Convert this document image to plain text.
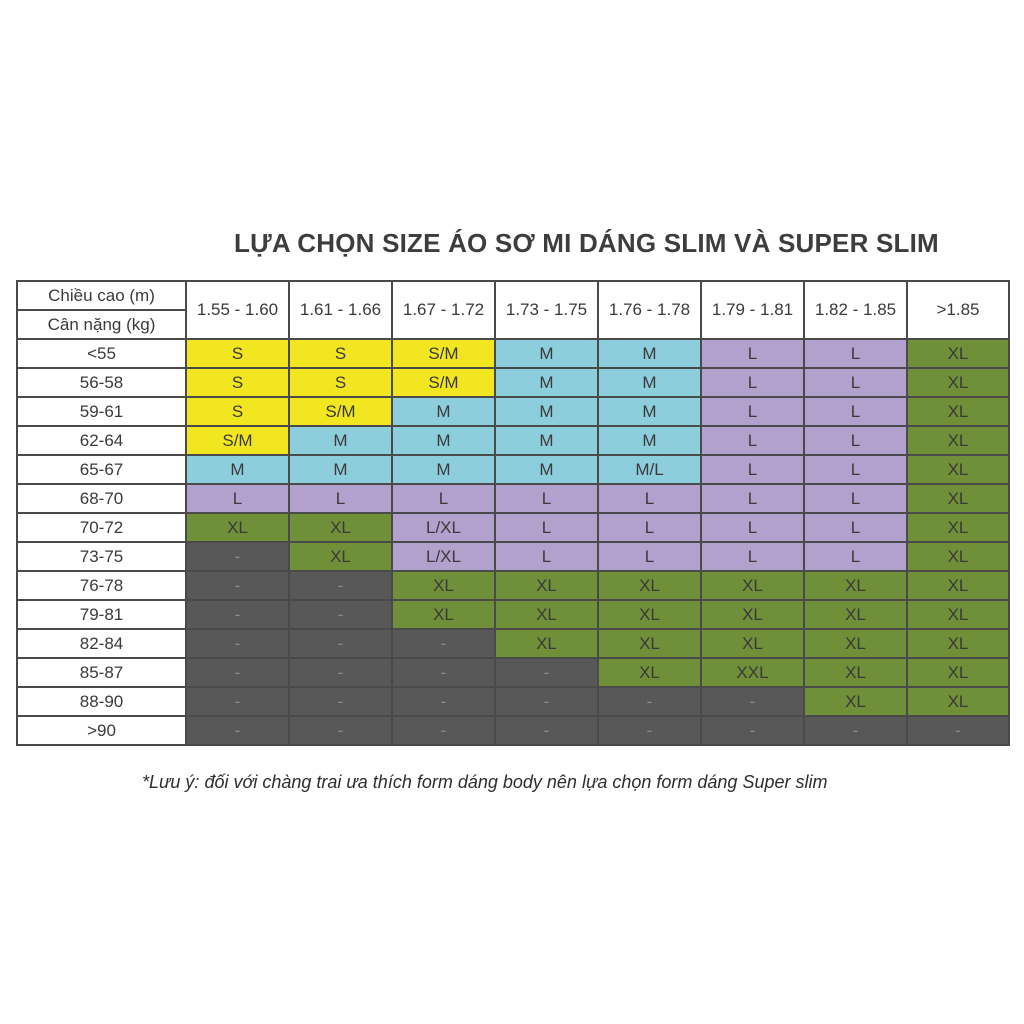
LỰA CHỌN SIZE ÁO SƠ MI DÁNG SLIM VÀ SUPER SLIM
Chiều cao (m)	1.55 - 1.60	1.61 - 1.66	1.67 - 1.72	1.73 - 1.75	1.76 - 1.78	1.79 - 1.81	1.82 - 1.85	>1.85
Cân nặng (kg)								
<55	S	S	S/M	M	M	L	L	XL
56-58	S	S	S/M	M	M	L	L	XL
59-61	S	S/M	M	M	M	L	L	XL
62-64	S/M	M	M	M	M	L	L	XL
65-67	M	M	M	M	M/L	L	L	XL
68-70	L	L	L	L	L	L	L	XL
70-72	XL	XL	L/XL	L	L	L	L	XL
73-75	-	XL	L/XL	L	L	L	L	XL
76-78	-	-	XL	XL	XL	XL	XL	XL
79-81	-	-	XL	XL	XL	XL	XL	XL
82-84	-	-	-	XL	XL	XL	XL	XL
85-87	-	-	-	-	XL	XXL	XL	XL
88-90	-	-	-	-	-	-	XL	XL
>90	-	-	-	-	-	-	-	-

*Lưu ý: đối với chàng trai ưa thích form dáng body nên lựa chọn form dáng Super slim
